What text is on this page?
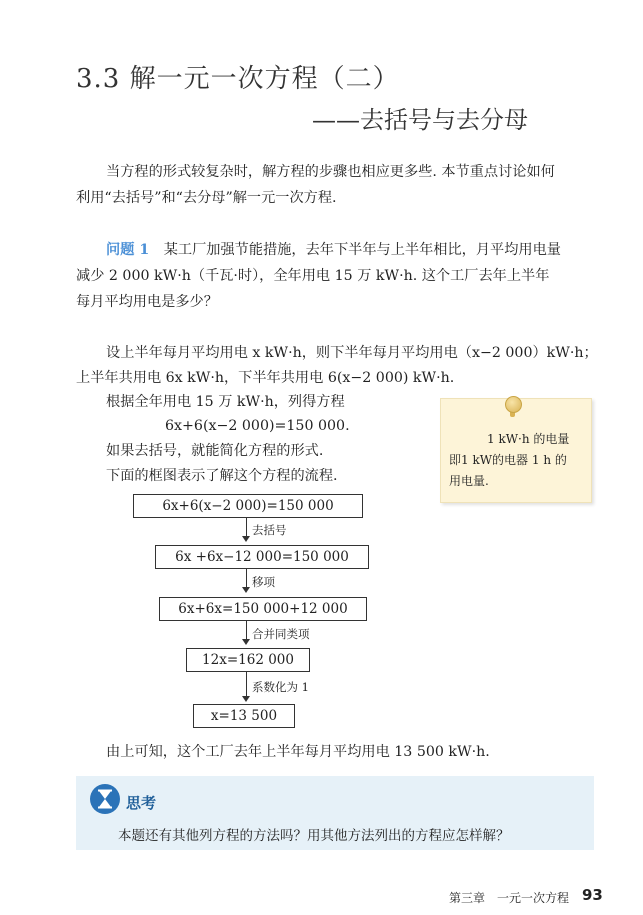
3.3 解一元一次方程（二）
——去括号与去分母
当方程的形式较复杂时，解方程的步骤也相应更多些. 本节重点讨论如何
利用“去括号”和“去分母”解一元一次方程.
问题 1 某工厂加强节能措施，去年下半年与上半年相比，月平均用电量
减少 2 000 kW·h（千瓦·时），全年用电 15 万 kW·h. 这个工厂去年上半年
每月平均用电是多少？
设上半年每月平均用电 x kW·h，则下半年每月平均用电（x−2 000）kW·h；
上半年共用电 6x kW·h，下半年共用电 6(x−2 000) kW·h.
根据全年用电 15 万 kW·h，列得方程
6x+6(x−2 000)=150 000.
如果去括号，就能简化方程的形式.
下面的框图表示了解这个方程的流程.
1 kW·h 的电量
即1 kW的电器 1 h 的
用电量.
6x+6(x−2 000)=150 000
去括号
6x +6x−12 000=150 000
移项
6x+6x=150 000+12 000
合并同类项
12x=162 000
系数化为 1
x=13 500
由上可知，这个工厂去年上半年每月平均用电 13 500 kW·h.
思考
本题还有其他列方程的方法吗？用其他方法列出的方程应怎样解？
第三章　一元一次方程 93
